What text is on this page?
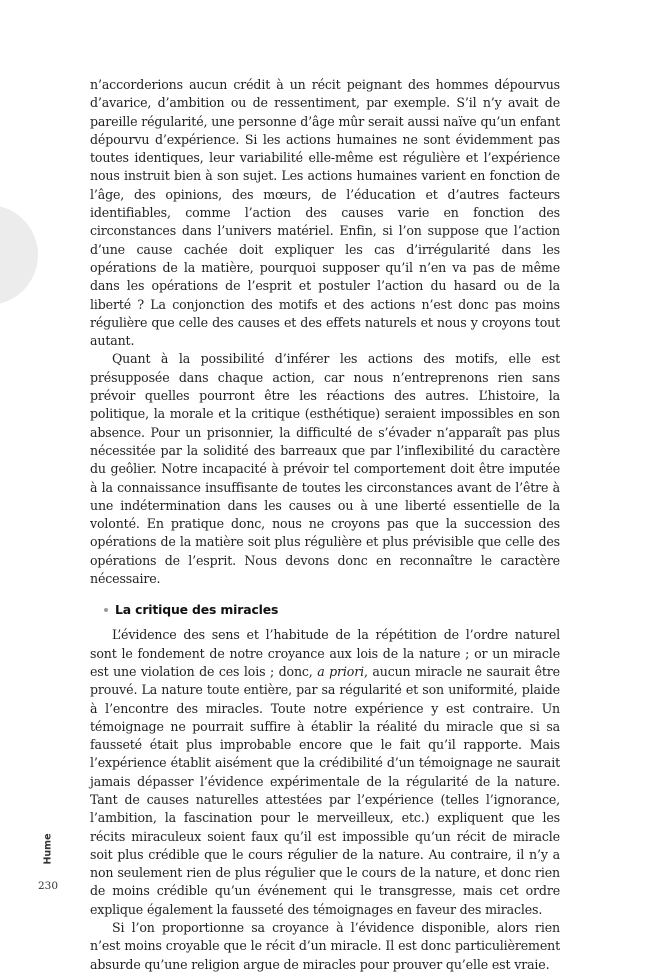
n’accorderions aucun crédit à un récit peignant des hommes dépourvus d’avarice, d’ambition ou de ressentiment, par exemple. S’il n’y avait de pareille régularité, une personne d’âge mûr serait aussi naïve qu’un enfant dépourvu d’expérience. Si les actions humaines ne sont évidemment pas toutes identiques, leur variabilité elle-même est régulière et l’expérience nous instruit bien à son sujet. Les actions humaines varient en fonction de l’âge, des opinions, des mœurs, de l’éducation et d’autres facteurs identifiables, comme l’action des causes varie en fonction des circonstances dans l’univers matériel. Enfin, si l’on suppose que l’action d’une cause cachée doit expliquer les cas d’irrégularité dans les opérations de la matière, pourquoi supposer qu’il n’en va pas de même dans les opérations de l’esprit et postuler l’action du hasard ou de la liberté ? La conjonction des motifs et des actions n’est donc pas moins régulière que celle des causes et des effets naturels et nous y croyons tout autant.

Quant à la possibilité d’inférer les actions des motifs, elle est présupposée dans chaque action, car nous n’entreprenons rien sans prévoir quelles pourront être les réactions des autres. L’histoire, la politique, la morale et la critique (esthétique) seraient impossibles en son absence. Pour un prisonnier, la difficulté de s’évader n’apparaît pas plus nécessitée par la solidité des barreaux que par l’inflexibilité du caractère du geôlier. Notre incapacité à prévoir tel comportement doit être imputée à la connaissance insuffisante de toutes les circonstances avant de l’être à une indétermination dans les causes ou à une liberté essentielle de la volonté. En pratique donc, nous ne croyons pas que la succession des opérations de la matière soit plus régulière et plus prévisible que celle des opérations de l’esprit. Nous devons donc en reconnaître le caractère nécessaire.

La critique des miracles

L’évidence des sens et l’habitude de la répétition de l’ordre naturel sont le fondement de notre croyance aux lois de la nature ; or un miracle est une violation de ces lois ; donc, a priori, aucun miracle ne saurait être prouvé. La nature toute entière, par sa régularité et son uniformité, plaide à l’encontre des miracles. Toute notre expérience y est contraire. Un témoignage ne pourrait suffire à établir la réalité du miracle que si sa fausseté était plus improbable encore que le fait qu’il rapporte. Mais l’expérience établit aisément que la crédibilité d’un témoignage ne saurait jamais dépasser l’évidence expérimentale de la régularité de la nature. Tant de causes naturelles attestées par l’expérience (telles l’ignorance, l’ambition, la fascination pour le merveilleux, etc.) expliquent que les récits miraculeux soient faux qu’il est impossible qu’un récit de miracle soit plus crédible que le cours régulier de la nature. Au contraire, il n’y a non seulement rien de plus régulier que le cours de la nature, et donc rien de moins crédible qu’un événement qui le transgresse, mais cet ordre explique également la fausseté des témoignages en faveur des miracles.

Si l’on proportionne sa croyance à l’évidence disponible, alors rien n’est moins croyable que le récit d’un miracle. Il est donc particulièrement absurde qu’une religion argue de miracles pour prouver qu’elle est vraie.

Hume
230
